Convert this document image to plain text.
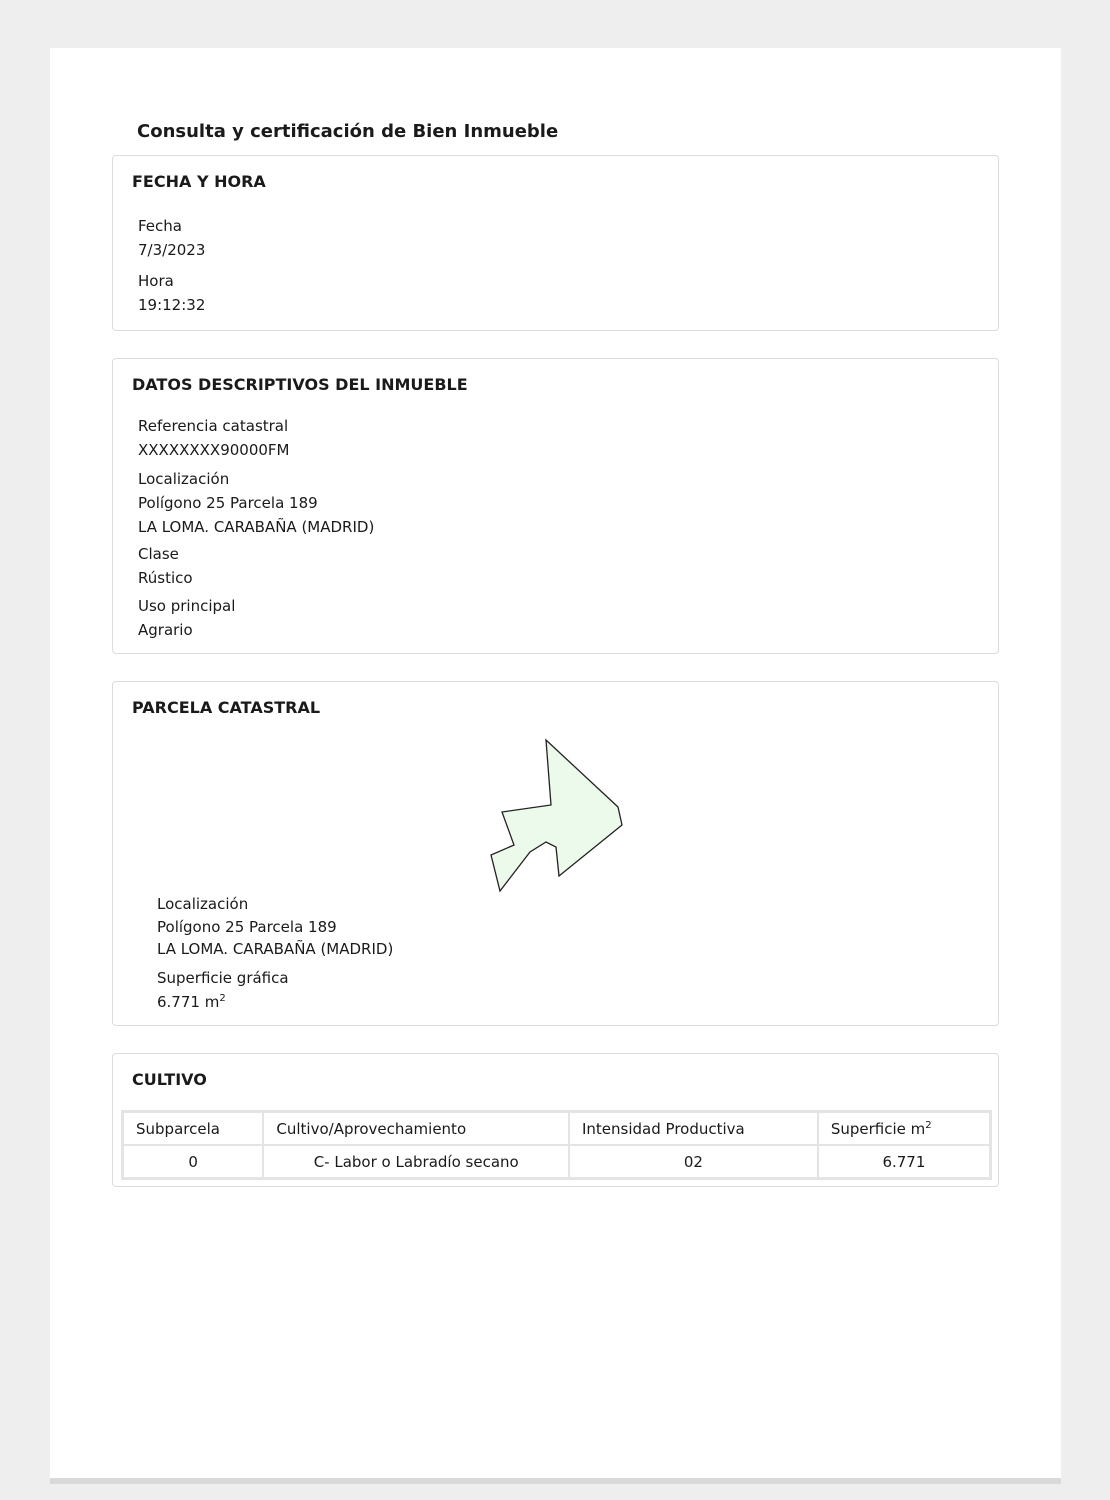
Consulta y certificación de Bien Inmueble
FECHA Y HORA
Fecha
7/3/2023
Hora
19:12:32
DATOS DESCRIPTIVOS DEL INMUEBLE
Referencia catastral
XXXXXXXX90000FM
Localización
Polígono 25 Parcela 189
LA LOMA. CARABAÑA (MADRID)
Clase
Rústico
Uso principal
Agrario
PARCELA CATASTRAL
Localización
Polígono 25 Parcela 189
LA LOMA. CARABAÑA (MADRID)
Superficie gráfica
6.771 $m^2$
CULTIVO
Subparcela	Cultivo/Aprovechamiento	Intensidad Productiva	Superficie $m^2$
0	C- Labor o Labradío secano	02	6.771
